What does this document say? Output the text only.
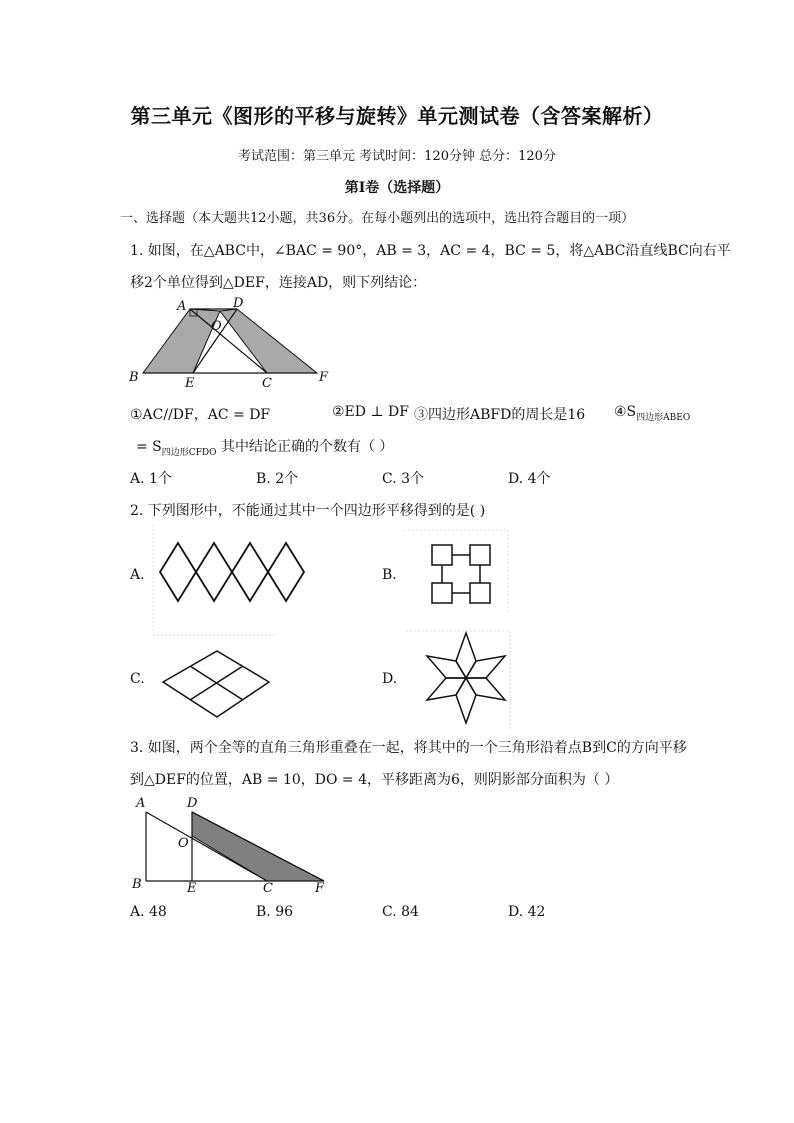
第三单元《图形的平移与旋转》单元测试卷（含答案解析）
考试范围：第三单元 考试时间：120分钟 总分：120分
第Ⅰ卷（选择题）
一、选择题（本大题共12小题，共36分。在每小题列出的选项中，选出符合题目的一项）
1. 如图，在△ABC中，∠BAC = 90°，AB = 3，AC = 4，BC = 5，将△ABC沿直线BC向右平
移2个单位得到△DEF，连接AD，则下列结论：
A	D
O
B	E	C	F
①AC//DF，AC = DF	②ED ⊥ DF ③四边形ABFD的周长是16 $④S_{四边形ABEO}$
= $S_{四边形CFDO}$ 其中结论正确的个数有（ ）
A. 1个	B. 2个	C. 3个	D. 4个
2. 下列图形中，不能通过其中一个四边形平移得到的是( )
A.	B.
C.	D.
3. 如图，两个全等的直角三角形重叠在一起，将其中的一个三角形沿着点B到C的方向平移
到△DEF的位置，AB = 10，DO = 4，平移距离为6，则阴影部分面积为（ ）
A	D
O
B	E	C	F
A. 48	B. 96	C. 84	D. 42
